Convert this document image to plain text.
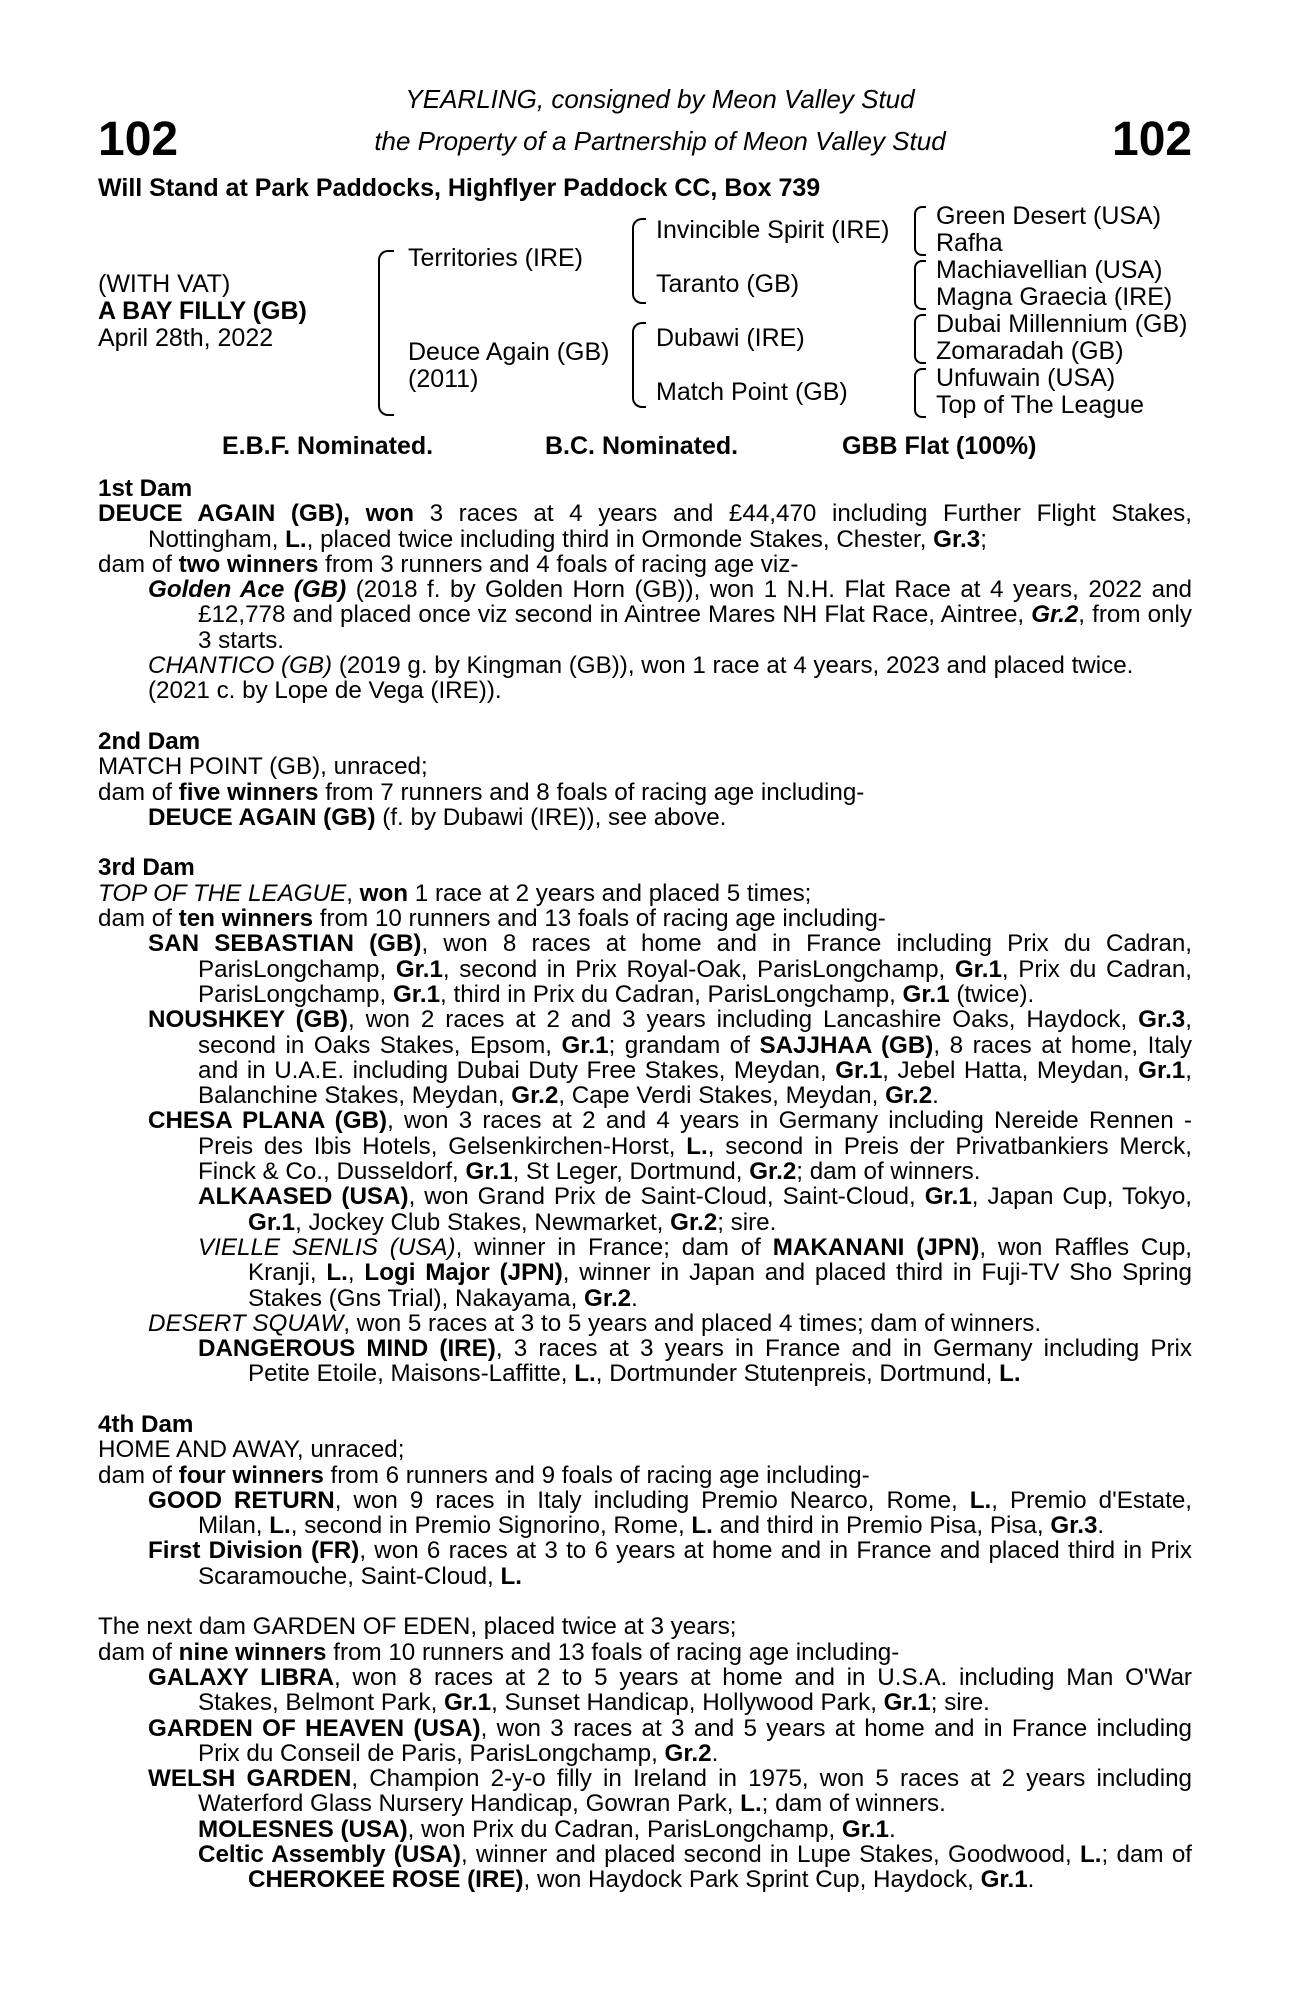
102	102
YEARLING, consigned by Meon Valley Stud
the Property of a Partnership of Meon Valley Stud
Will Stand at Park Paddocks, Highflyer Paddock CC, Box 739
(WITH VAT)
A BAY FILLY (GB)
April 28th, 2022
Territories (IRE)
Deuce Again (GB)
(2011)
Invincible Spirit (IRE)
Taranto (GB)
Dubawi (IRE)
Match Point (GB)
Green Desert (USA)
Rafha
Machiavellian (USA)
Magna Graecia (IRE)
Dubai Millennium (GB)
Zomaradah (GB)
Unfuwain (USA)
Top of The League
E.B.F. Nominated.	B.C. Nominated.	GBB Flat (100%)

1st Dam

DEUCE AGAIN (GB), won 3 races at 4 years and £44,470 including Further Flight Stakes, Nottingham, L., placed twice including third in Ormonde Stakes, Chester, Gr.3;

dam of two winners from 3 runners and 4 foals of racing age viz-

Golden Ace (GB) (2018 f. by Golden Horn (GB)), won 1 N.H. Flat Race at 4 years, 2022 and £12,778 and placed once viz second in Aintree Mares NH Flat Race, Aintree, Gr.2, from only 3 starts.

CHANTICO (GB) (2019 g. by Kingman (GB)), won 1 race at 4 years, 2023 and placed twice.

(2021 c. by Lope de Vega (IRE)).

2nd Dam

MATCH POINT (GB), unraced;

dam of five winners from 7 runners and 8 foals of racing age including-

DEUCE AGAIN (GB) (f. by Dubawi (IRE)), see above.

3rd Dam

TOP OF THE LEAGUE, won 1 race at 2 years and placed 5 times;

dam of ten winners from 10 runners and 13 foals of racing age including-

SAN SEBASTIAN (GB), won 8 races at home and in France including Prix du Cadran, ParisLongchamp, Gr.1, second in Prix Royal-Oak, ParisLongchamp, Gr.1, Prix du Cadran, ParisLongchamp, Gr.1, third in Prix du Cadran, ParisLongchamp, Gr.1 (twice).

NOUSHKEY (GB), won 2 races at 2 and 3 years including Lancashire Oaks, Haydock, Gr.3, second in Oaks Stakes, Epsom, Gr.1; grandam of SAJJHAA (GB), 8 races at home, Italy and in U.A.E. including Dubai Duty Free Stakes, Meydan, Gr.1, Jebel Hatta, Meydan, Gr.1, Balanchine Stakes, Meydan, Gr.2, Cape Verdi Stakes, Meydan, Gr.2.

CHESA PLANA (GB), won 3 races at 2 and 4 years in Germany including Nereide Rennen - Preis des Ibis Hotels, Gelsenkirchen-Horst, L., second in Preis der Privatbankiers Merck, Finck & Co., Dusseldorf, Gr.1, St Leger, Dortmund, Gr.2; dam of winners.

ALKAASED (USA), won Grand Prix de Saint-Cloud, Saint-Cloud, Gr.1, Japan Cup, Tokyo, Gr.1, Jockey Club Stakes, Newmarket, Gr.2; sire.

VIELLE SENLIS (USA), winner in France; dam of MAKANANI (JPN), won Raffles Cup, Kranji, L., Logi Major (JPN), winner in Japan and placed third in Fuji-TV Sho Spring Stakes (Gns Trial), Nakayama, Gr.2.

DESERT SQUAW, won 5 races at 3 to 5 years and placed 4 times; dam of winners.

DANGEROUS MIND (IRE), 3 races at 3 years in France and in Germany including Prix Petite Etoile, Maisons-Laffitte, L., Dortmunder Stutenpreis, Dortmund, L.

4th Dam

HOME AND AWAY, unraced;

dam of four winners from 6 runners and 9 foals of racing age including-

GOOD RETURN, won 9 races in Italy including Premio Nearco, Rome, L., Premio d'Estate, Milan, L., second in Premio Signorino, Rome, L. and third in Premio Pisa, Pisa, Gr.3.

First Division (FR), won 6 races at 3 to 6 years at home and in France and placed third in Prix Scaramouche, Saint-Cloud, L.

The next dam GARDEN OF EDEN, placed twice at 3 years;

dam of nine winners from 10 runners and 13 foals of racing age including-

GALAXY LIBRA, won 8 races at 2 to 5 years at home and in U.S.A. including Man O'War Stakes, Belmont Park, Gr.1, Sunset Handicap, Hollywood Park, Gr.1; sire.

GARDEN OF HEAVEN (USA), won 3 races at 3 and 5 years at home and in France including Prix du Conseil de Paris, ParisLongchamp, Gr.2.

WELSH GARDEN, Champion 2-y-o filly in Ireland in 1975, won 5 races at 2 years including Waterford Glass Nursery Handicap, Gowran Park, L.; dam of winners.

MOLESNES (USA), won Prix du Cadran, ParisLongchamp, Gr.1.

Celtic Assembly (USA), winner and placed second in Lupe Stakes, Goodwood, L.; dam of CHEROKEE ROSE (IRE), won Haydock Park Sprint Cup, Haydock, Gr.1.
